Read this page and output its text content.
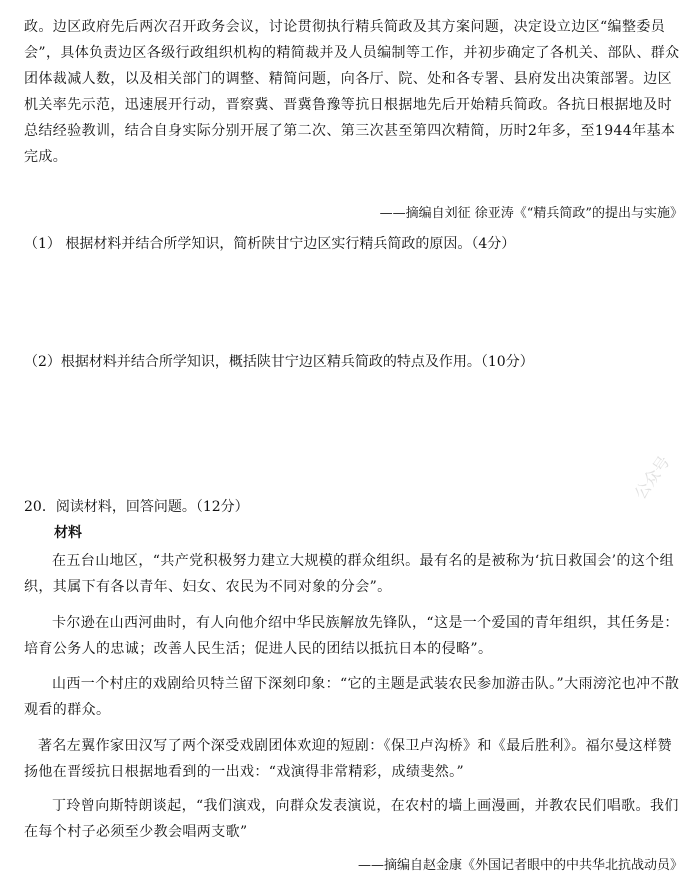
政。边区政府先后两次召开政务会议，讨论贯彻执行精兵简政及其方案问题，决定设立边区“编整委员会”，具体负责边区各级行政组织机构的精简裁并及人员编制等工作，并初步确定了各机关、部队、群众团体裁减人数，以及相关部门的调整、精简问题，向各厅、院、处和各专署、县府发出决策部署。边区机关率先示范，迅速展开行动，晋察冀、晋冀鲁豫等抗日根据地先后开始精兵简政。各抗日根据地及时总结经验教训，结合自身实际分别开展了第二次、第三次甚至第四次精简，历时2年多，至1944年基本完成。

——摘编自刘征 徐亚涛《“精兵简政”的提出与实施》

（1） 根据材料并结合所学知识，简析陕甘宁边区实行精兵简政的原因。（4分）

（2）根据材料并结合所学知识，概括陕甘宁边区精兵简政的特点及作用。（10分）

20．阅读材料，回答问题。（12分）

材料

在五台山地区，“共产党积极努力建立大规模的群众组织。最有名的是被称为‘抗日救国会’的这个组织，其属下有各以青年、妇女、农民为不同对象的分会”。

卡尔逊在山西河曲时，有人向他介绍中华民族解放先锋队，“这是一个爱国的青年组织，其任务是：培育公务人的忠诚；改善人民生活；促进人民的团结以抵抗日本的侵略”。

山西一个村庄的戏剧给贝特兰留下深刻印象：“它的主题是武装农民参加游击队。”大雨滂沱也冲不散观看的群众。

著名左翼作家田汉写了两个深受戏剧团体欢迎的短剧：《保卫卢沟桥》和《最后胜利》。福尔曼这样赞扬他在晋绥抗日根据地看到的一出戏：“戏演得非常精彩，成绩斐然。”

丁玲曾向斯特朗谈起，“我们演戏，向群众发表演说，在农村的墙上画漫画，并教农民们唱歌。我们在每个村子必须至少教会唱两支歌”

——摘编自赵金康《外国记者眼中的中共华北抗战动员》
公众号
